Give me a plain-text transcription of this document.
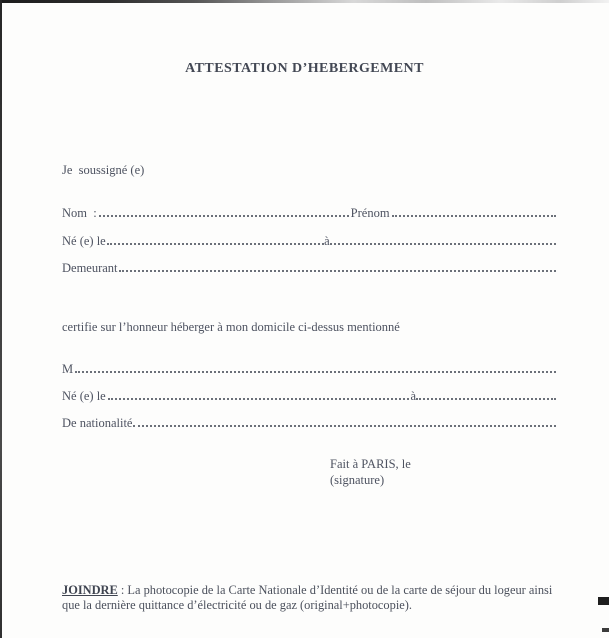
ATTESTATION D’HEBERGEMENT
Je  soussigné (e)
Nom  :	Prénom
Né (e) le	à
Demeurant
certifie sur l’honneur héberger à mon domicile ci-dessus mentionné
M
Né (e) le	à
De nationalité
Fait à PARIS, le
(signature)
JOINDRE : La photocopie de la Carte Nationale d’Identité ou de la carte de séjour du logeur ainsi que la dernière quittance d’électricité ou de gaz (original+photocopie).
